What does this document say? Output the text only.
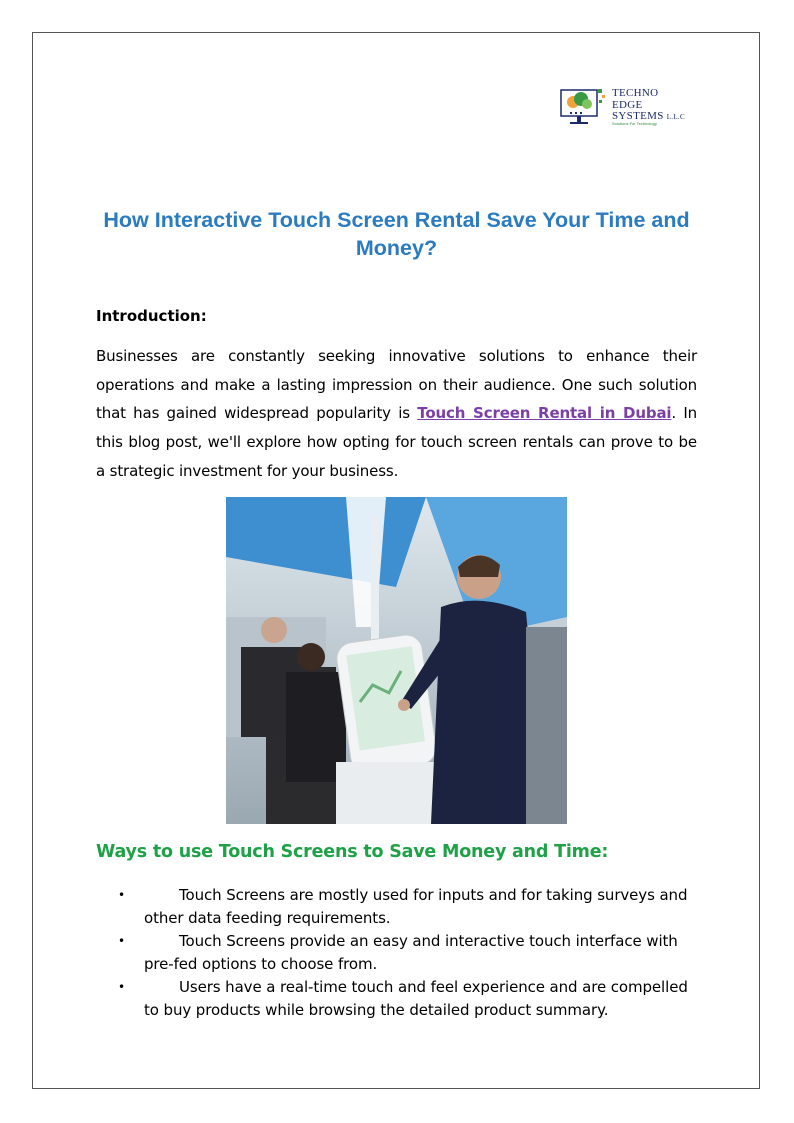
TECHNO
EDGE
SYSTEMS L.L.C
Solutions For Technology
How Interactive Touch Screen Rental Save Your Time and Money?
Introduction:

Businesses are constantly seeking innovative solutions to enhance their operations and make a lasting impression on their audience. One such solution that has gained widespread popularity is Touch Screen Rental in Dubai. In this blog post, we'll explore how opting for touch screen rentals can prove to be a strategic investment for your business.

Ways to use Touch Screens to Save Money and Time:
•	Touch Screens are mostly used for inputs and for taking surveys and other data feeding requirements.
•	Touch Screens provide an easy and interactive touch interface with pre-fed options to choose from.
•	Users have a real-time touch and feel experience and are compelled to buy products while browsing the detailed product summary.
